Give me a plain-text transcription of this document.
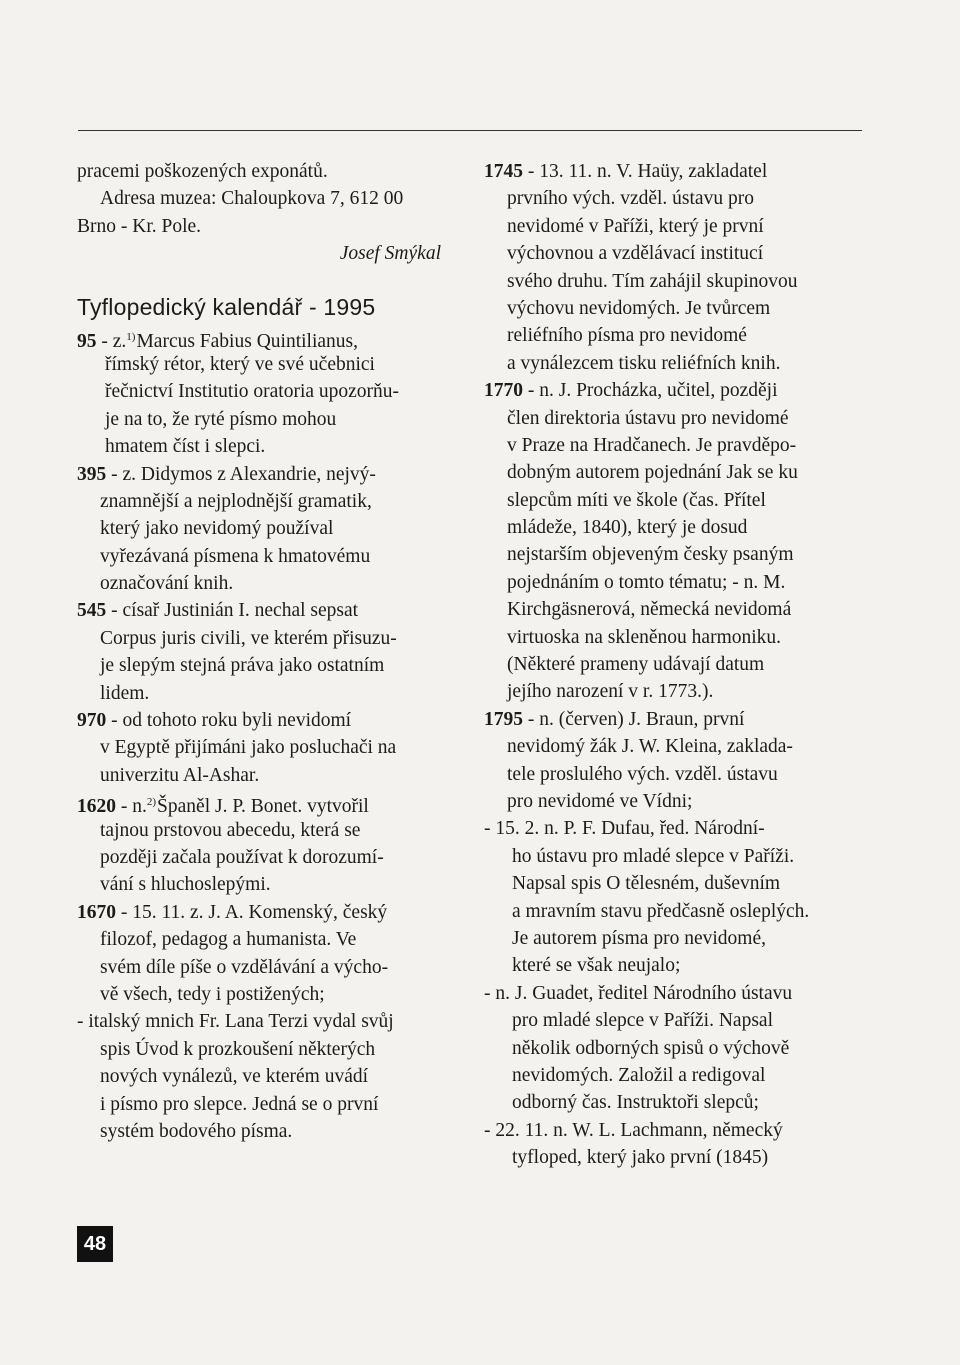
pracemi poškozených exponátů.
Adresa muzea: Chaloupkova 7, 612 00
Brno - Kr. Pole.
Josef Smýkal
Tyflopedický kalendář - 1995
95 - z.$^{1)}$Marcus Fabius Quintilianus,
římský rétor, který ve své učebnici
řečnictví Institutio oratoria upozorňu-
je na to, že ryté písmo mohou
hmatem číst i slepci.
395 - z. Didymos z Alexandrie, nejvý-
znamnější a nejplodnější gramatik,
který jako nevidomý používal
vyřezávaná písmena k hmatovému
označování knih.
545 - císař Justinián I. nechal sepsat
Corpus juris civili, ve kterém přisuzu-
je slepým stejná práva jako ostatním
lidem.
970 - od tohoto roku byli nevidomí
v Egyptě přijímáni jako posluchači na
univerzitu Al-Ashar.
1620 - n.$^{2)}$Španěl J. P. Bonet. vytvořil
tajnou prstovou abecedu, která se
později začala používat k dorozumí-
vání s hluchoslepými.
1670 - 15. 11. z. J. A. Komenský, český
filozof, pedagog a humanista. Ve
svém díle píše o vzdělávání a výcho-
vě všech, tedy i postižených;
- italský mnich Fr. Lana Terzi vydal svůj
spis Úvod k prozkoušení některých
nových vynálezů, ve kterém uvádí
i písmo pro slepce. Jedná se o první
systém bodového písma.
1745 - 13. 11. n. V. Haüy, zakladatel
prvního vých. vzděl. ústavu pro
nevidomé v Paříži, který je první
výchovnou a vzdělávací institucí
svého druhu. Tím zahájil skupinovou
výchovu nevidomých. Je tvůrcem
reliéfního písma pro nevidomé
a vynálezcem tisku reliéfních knih.
1770 - n. J. Procházka, učitel, později
člen direktoria ústavu pro nevidomé
v Praze na Hradčanech. Je pravděpo-
dobným autorem pojednání Jak se ku
slepcům míti ve škole (čas. Přítel
mládeže, 1840), který je dosud
nejstarším objeveným česky psaným
pojednáním o tomto tématu; - n. M.
Kirchgäsnerová, německá nevidomá
virtuoska na skleněnou harmoniku.
(Některé prameny udávají datum
jejího narození v r. 1773.).
1795 - n. (červen) J. Braun, první
nevidomý žák J. W. Kleina, zaklada-
tele proslulého vých. vzděl. ústavu
pro nevidomé ve Vídni;
- 15. 2. n. P. F. Dufau, řed. Národní-
ho ústavu pro mladé slepce v Paříži.
Napsal spis O tělesném, duševním
a mravním stavu předčasně osleplých.
Je autorem písma pro nevidomé,
které se však neujalo;
- n. J. Guadet, ředitel Národního ústavu
pro mladé slepce v Paříži. Napsal
několik odborných spisů o výchově
nevidomých. Založil a redigoval
odborný čas. Instruktoři slepců;
- 22. 11. n. W. L. Lachmann, německý
tyfloped, který jako první (1845)
48
